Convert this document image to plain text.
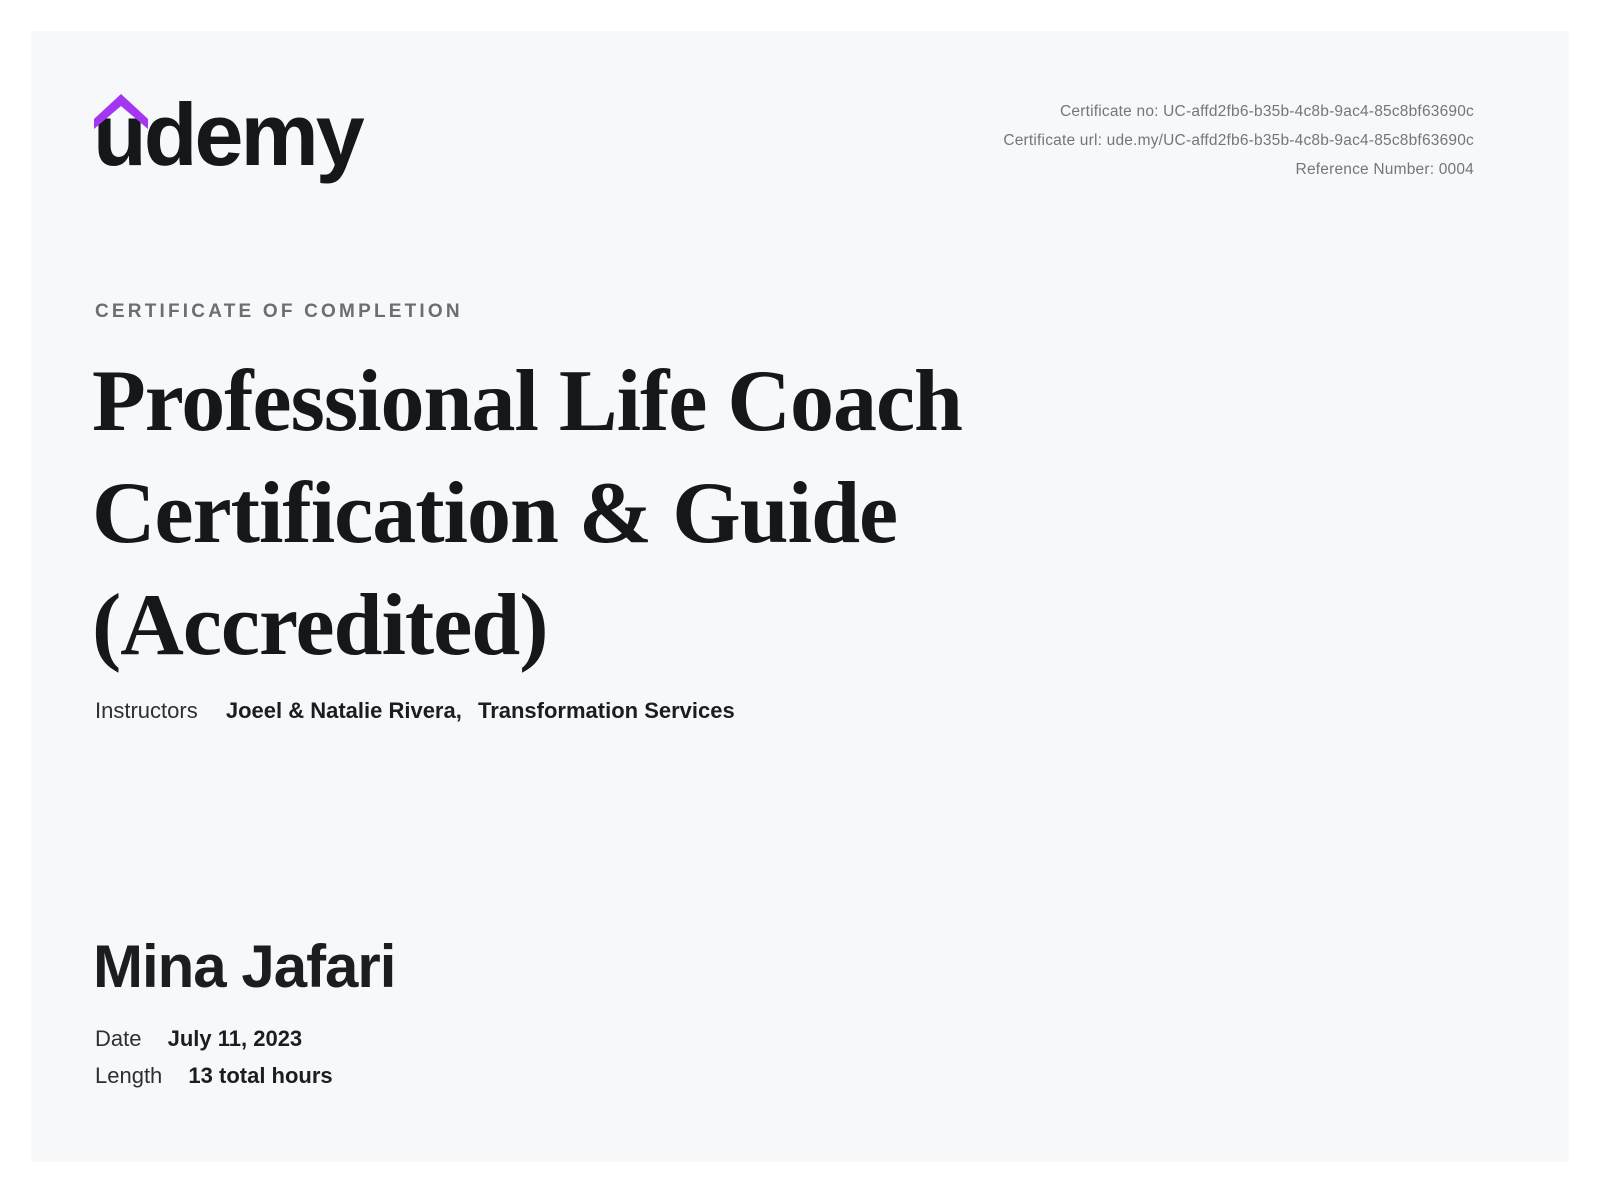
udemy	Certificate no: UC-affd2fb6-b35b-4c8b-9ac4-85c8bf63690c
Certificate url: ude.my/UC-affd2fb6-b35b-4c8b-9ac4-85c8bf63690c
Reference Number: 0004
CERTIFICATE OF COMPLETION
Professional Life Coach
Certification & Guide
(Accredited)
Instructors Joeel & Natalie Rivera, Transformation Services
Mina Jafari
Date July 11, 2023
Length 13 total hours
